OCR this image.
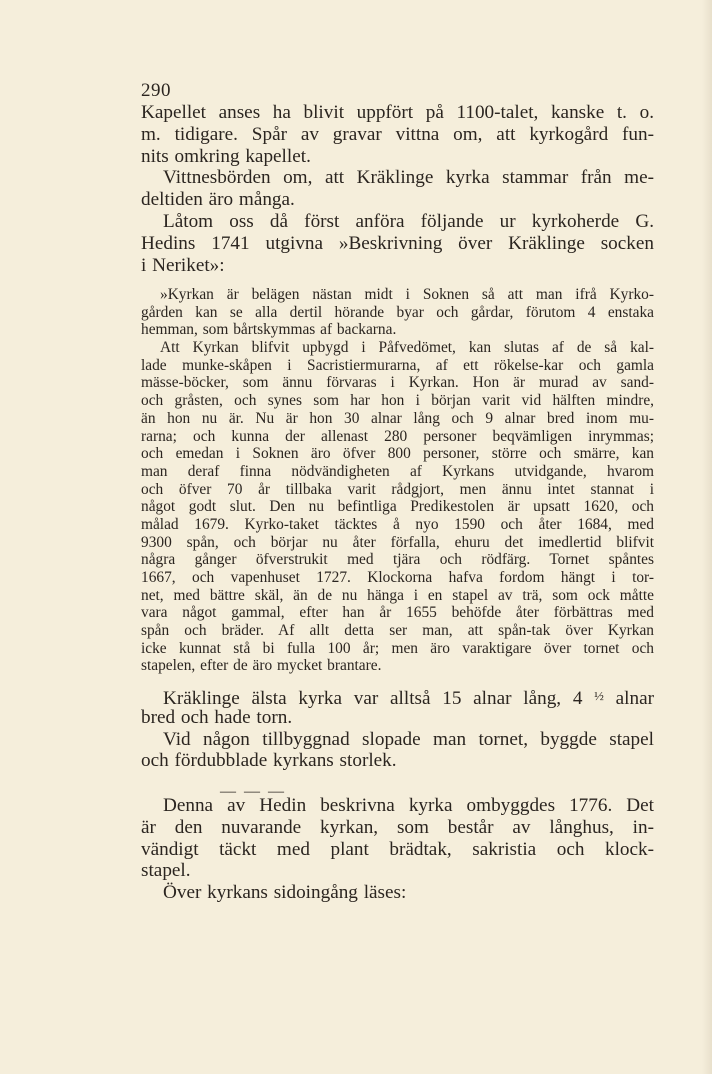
290
Kapellet anses ha blivit uppfört på 1100-talet, kanske t. o.
m. tidigare. Spår av gravar vittna om, att kyrkogård fun-
nits omkring kapellet.
Vittnesbörden om, att Kräklinge kyrka stammar från me-
deltiden äro många.
Låtom oss då först anföra följande ur kyrkoherde G.
Hedins 1741 utgivna »Beskrivning över Kräklinge socken
i Neriket»:
»Kyrkan är belägen nästan midt i Soknen så att man ifrå Kyrko-
gården kan se alla dertil hörande byar och gårdar, förutom 4 enstaka
hemman, som bårtskymmas af backarna.
Att Kyrkan blifvit upbygd i Påfvedömet, kan slutas af de så kal-
lade munke-skåpen i Sacristiermurarna, af ett rökelse-kar och gamla
mässe-böcker, som ännu förvaras i Kyrkan. Hon är murad av sand-
och gråsten, och synes som har hon i början varit vid hälften mindre,
än hon nu är. Nu är hon 30 alnar lång och 9 alnar bred inom mu-
rarna; och kunna der allenast 280 personer beqvämligen inrymmas;
och emedan i Soknen äro öfver 800 personer, större och smärre, kan
man deraf finna nödvändigheten af Kyrkans utvidgande, hvarom
och öfver 70 år tillbaka varit rådgjort, men ännu intet stannat i
något godt slut. Den nu befintliga Predikestolen är upsatt 1620, och
målad 1679. Kyrko-taket täcktes å nyo 1590 och åter 1684, med
9300 spån, och börjar nu åter förfalla, ehuru det imedlertid blifvit
några gånger öfverstrukit med tjära och rödfärg. Tornet spåntes
1667, och vapenhuset 1727. Klockorna hafva fordom hängt i tor-
net, med bättre skäl, än de nu hänga i en stapel av trä, som ock måtte
vara något gammal, efter han år 1655 behöfde åter förbättras med
spån och bräder. Af allt detta ser man, att spån-tak över Kyrkan
icke kunnat stå bi fulla 100 år; men äro varaktigare över tornet och
stapelen, efter de äro mycket brantare.
Kräklinge älsta kyrka var alltså 15 alnar lång, 4 $^{\frac{1}{2}}$ alnar
bred och hade torn.
Vid någon tillbyggnad slopade man tornet, byggde stapel
och fördubblade kyrkans storlek.
— — —
Denna av Hedin beskrivna kyrka ombyggdes 1776. Det
är den nuvarande kyrkan, som består av långhus, in-
vändigt täckt med plant brädtak, sakristia och klock-
stapel.
Över kyrkans sidoingång läses:
